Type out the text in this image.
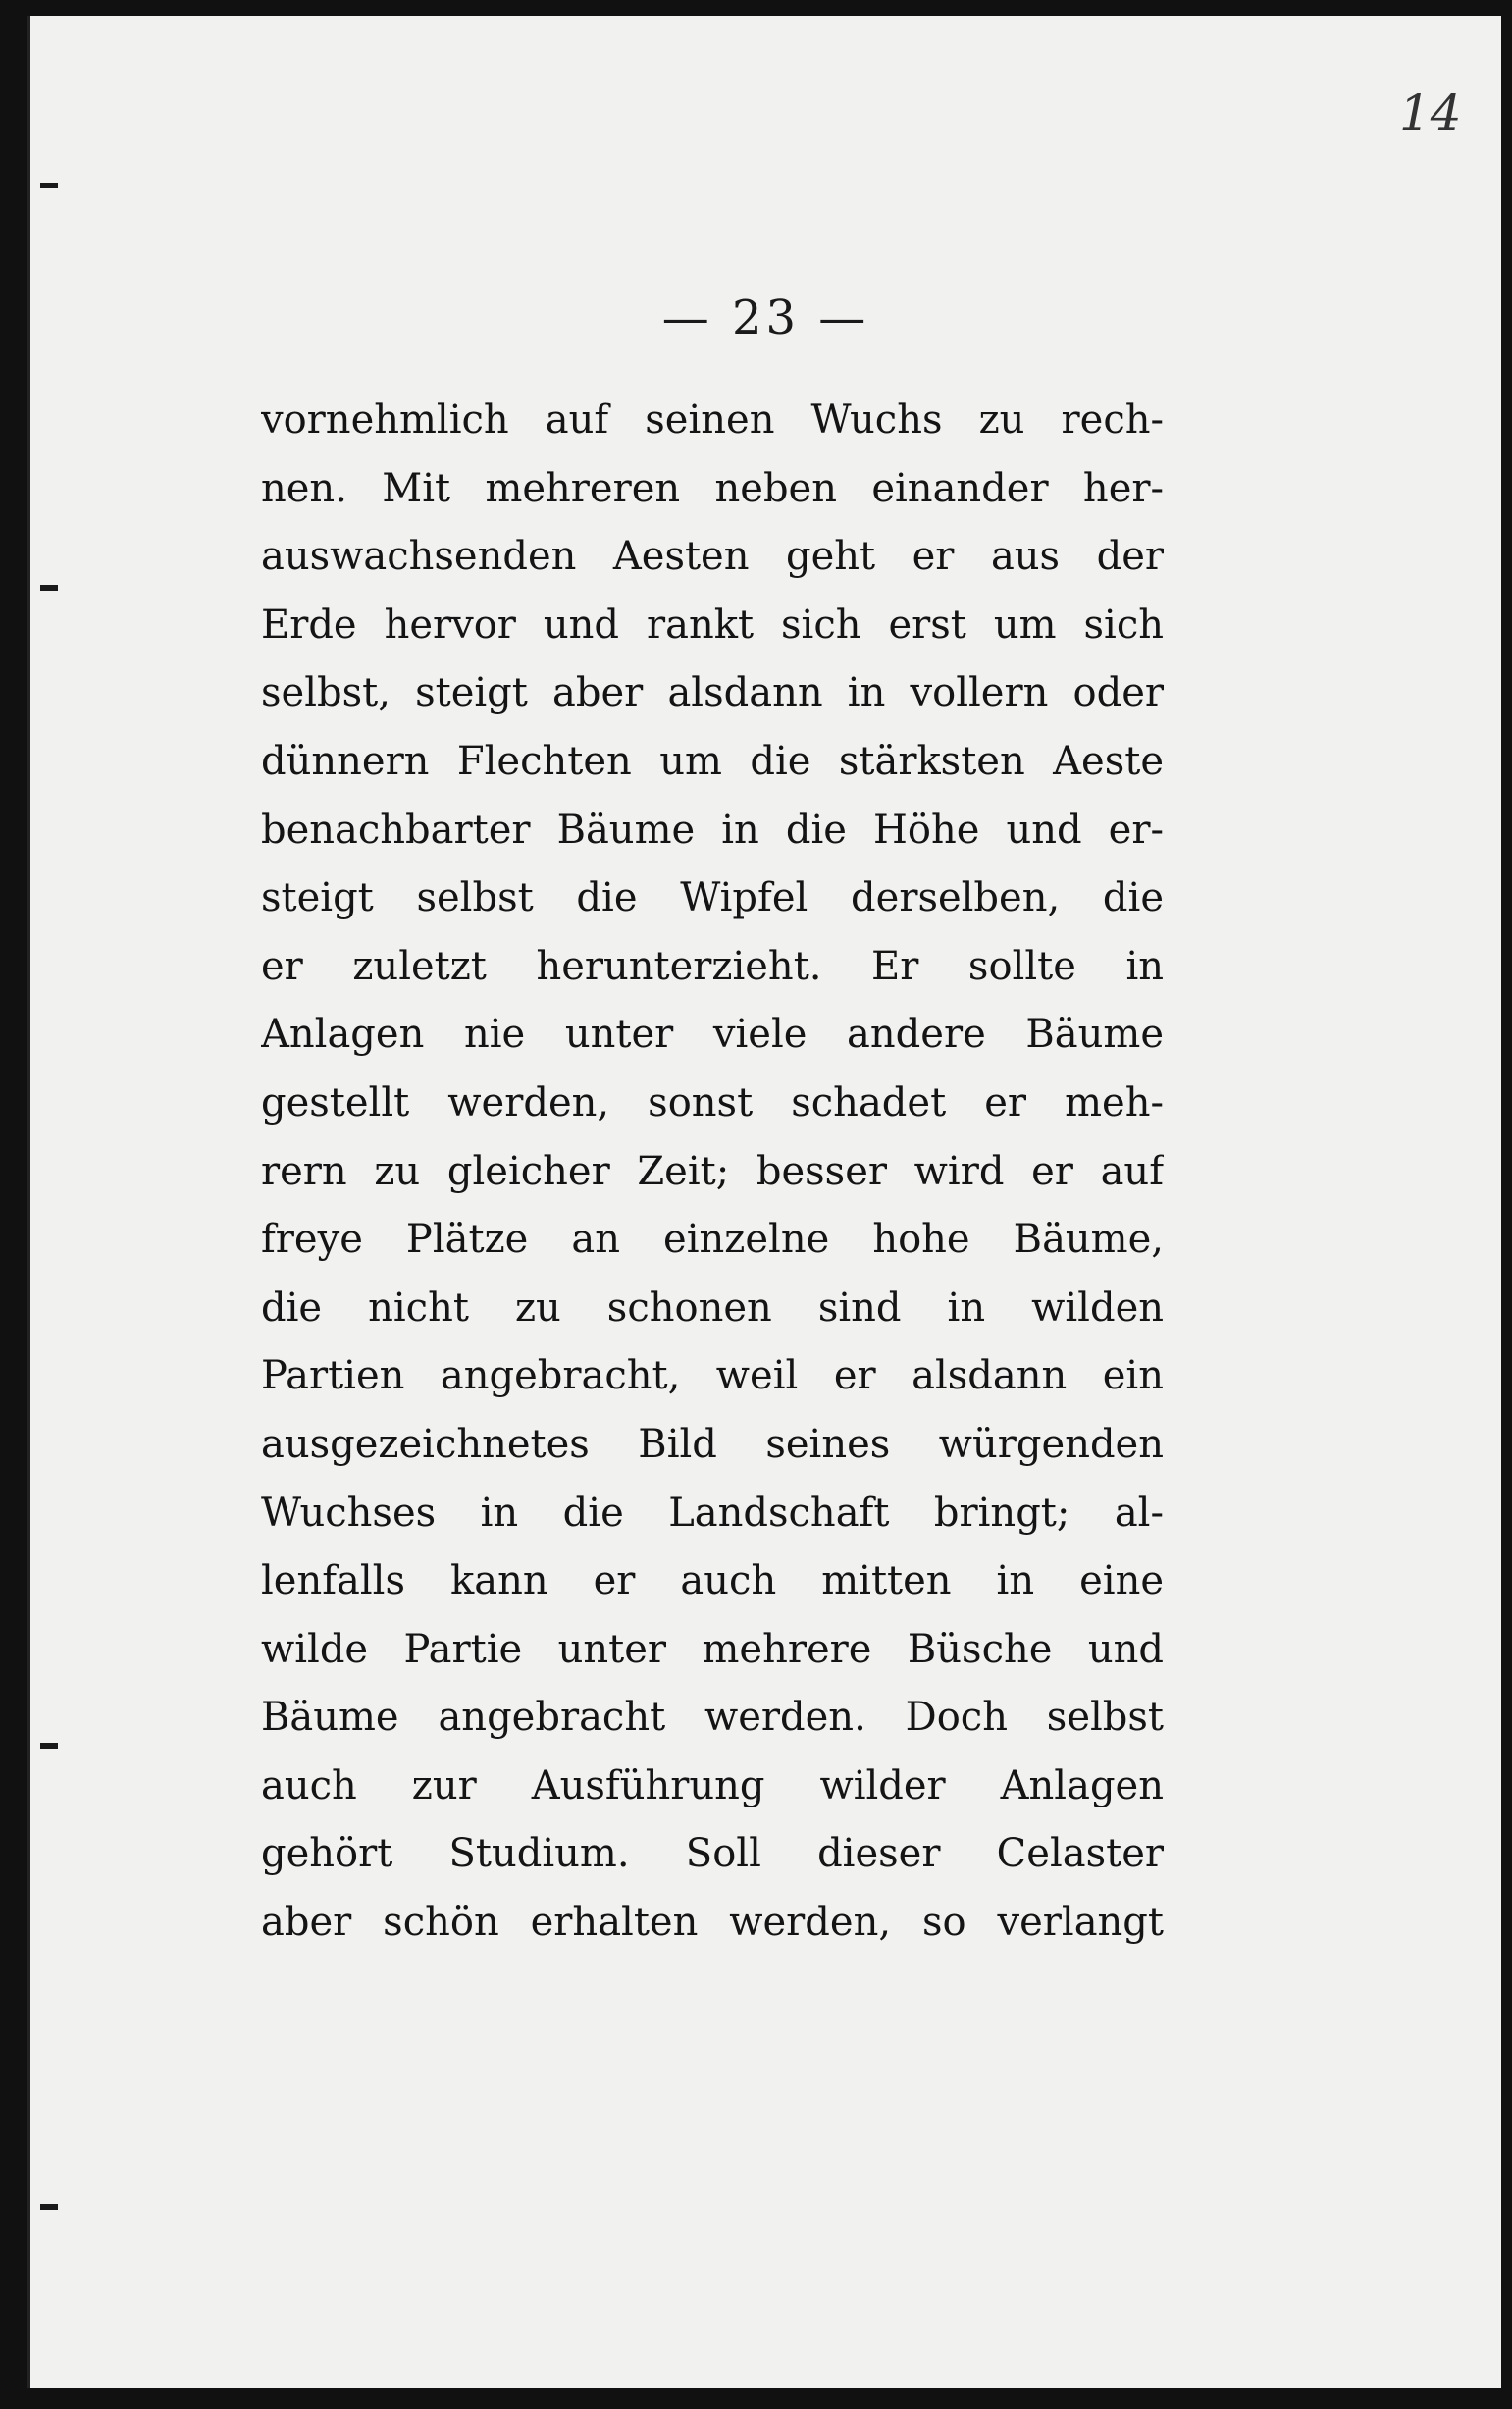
14
— 23 —
vornehmlich auf seinen Wuchs zu rech-
nen. Mit mehreren neben einander her-
auswachsenden Aesten geht er aus der
Erde hervor und rankt sich erst um sich
selbst, steigt aber alsdann in vollern oder
dünnern Flechten um die stärksten Aeste
benachbarter Bäume in die Höhe und er-
steigt selbst die Wipfel derselben, die
er zuletzt herunterzieht. Er sollte in
Anlagen nie unter viele andere Bäume
gestellt werden, sonst schadet er meh-
rern zu gleicher Zeit; besser wird er auf
freye Plätze an einzelne hohe Bäume,
die nicht zu schonen sind in wilden
Partien angebracht, weil er alsdann ein
ausgezeichnetes Bild seines würgenden
Wuchses in die Landschaft bringt; al-
lenfalls kann er auch mitten in eine
wilde Partie unter mehrere Büsche und
Bäume angebracht werden. Doch selbst
auch zur Ausführung wilder Anlagen
gehört Studium. Soll dieser Celaster
aber schön erhalten werden, so verlangt
